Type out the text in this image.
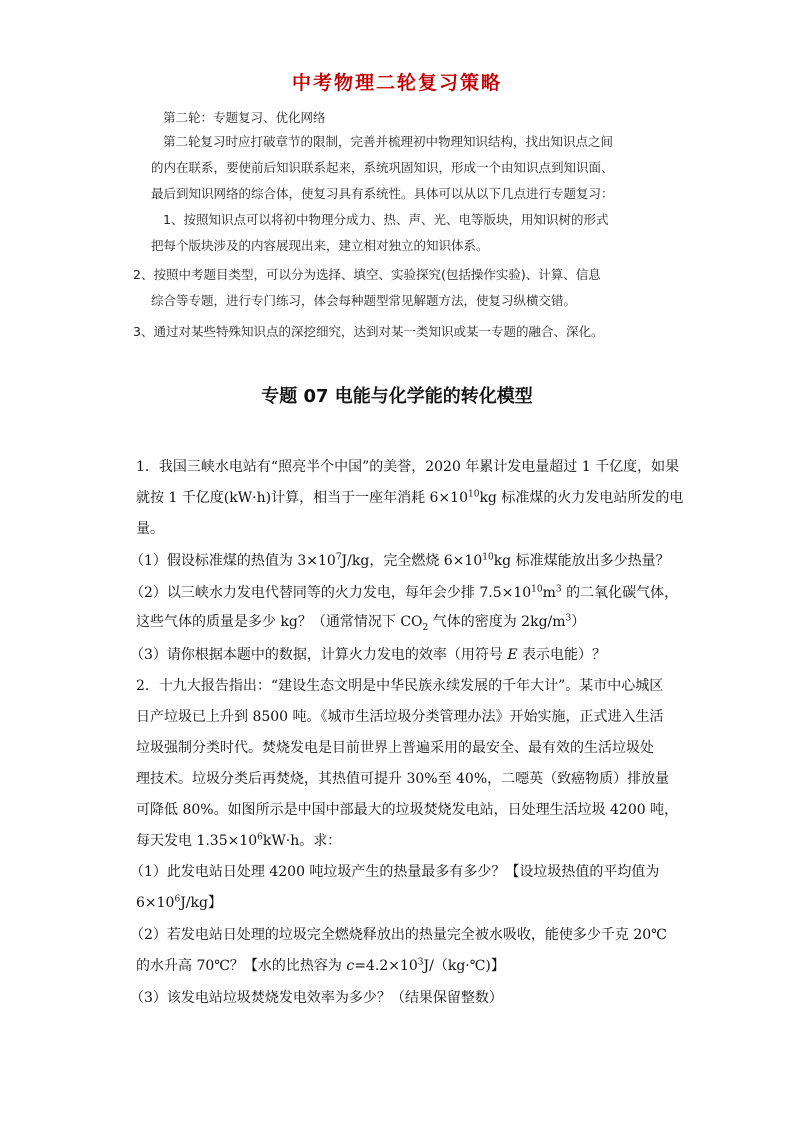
中考物理二轮复习策略
第二轮：专题复习、优化网络
第二轮复习时应打破章节的限制，完善并梳理初中物理知识结构，找出知识点之间
的内在联系，要使前后知识联系起来，系统巩固知识，形成一个由知识点到知识面、
最后到知识网络的综合体，使复习具有系统性。具体可以从以下几点进行专题复习：
1、按照知识点可以将初中物理分成力、热、声、光、电等版块，用知识树的形式
把每个版块涉及的内容展现出来，建立相对独立的知识体系。
2、按照中考题目类型，可以分为选择、填空、实验探究(包括操作实验)、计算、信息
综合等专题，进行专门练习，体会每种题型常见解题方法，使复习纵横交错。
3、通过对某些特殊知识点的深挖细究，达到对某一类知识或某一专题的融合、深化。
专题 07 电能与化学能的转化模型
1．我国三峡水电站有“照亮半个中国”的美誉，2020 年累计发电量超过 1 千亿度，如果
就按 1 千亿度(kW·h)计算，相当于一座年消耗 $6\times 10^{10}kg$ 标准煤的火力发电站所发的电
量。
（1）假设标准煤的热值为 $3\times 10^7J/kg$，完全燃烧 $6\times 10^{10}kg$ 标准煤能放出多少热量？
（2）以三峡水力发电代替同等的火力发电，每年会少排 $7.5\times 10^{10}m^3$ 的二氧化碳气体，
这些气体的质量是多少 kg？（通常情况下 $CO_2$ 气体的密度为 $2kg/m^3$）
（3）请你根据本题中的数据，计算火力发电的效率（用符号 E 表示电能）？
2．十九大报告指出：“建设生态文明是中华民族永续发展的千年大计”。某市中心城区
日产垃圾已上升到 8500 吨。《城市生活垃圾分类管理办法》开始实施，正式进入生活
垃圾强制分类时代。焚烧发电是目前世界上普遍采用的最安全、最有效的生活垃圾处
理技术。垃圾分类后再焚烧，其热值可提升 30%至 40%，二噁英（致癌物质）排放量
可降低 80%。如图所示是中国中部最大的垃圾焚烧发电站，日处理生活垃圾 4200 吨，
每天发电 $1.35\times 10^6kW\cdot h$。求：
（1）此发电站日处理 4200 吨垃圾产生的热量最多有多少？【设垃圾热值的平均值为
$6\times 10^6J/kg$】
（2）若发电站日处理的垃圾完全燃烧释放出的热量完全被水吸收，能使多少千克 20℃
的水升高 70℃？【水的比热容为 $c=4.2\times 10^3J/(kg\cdot℃)$】
（3）该发电站垃圾焚烧发电效率为多少？（结果保留整数）
